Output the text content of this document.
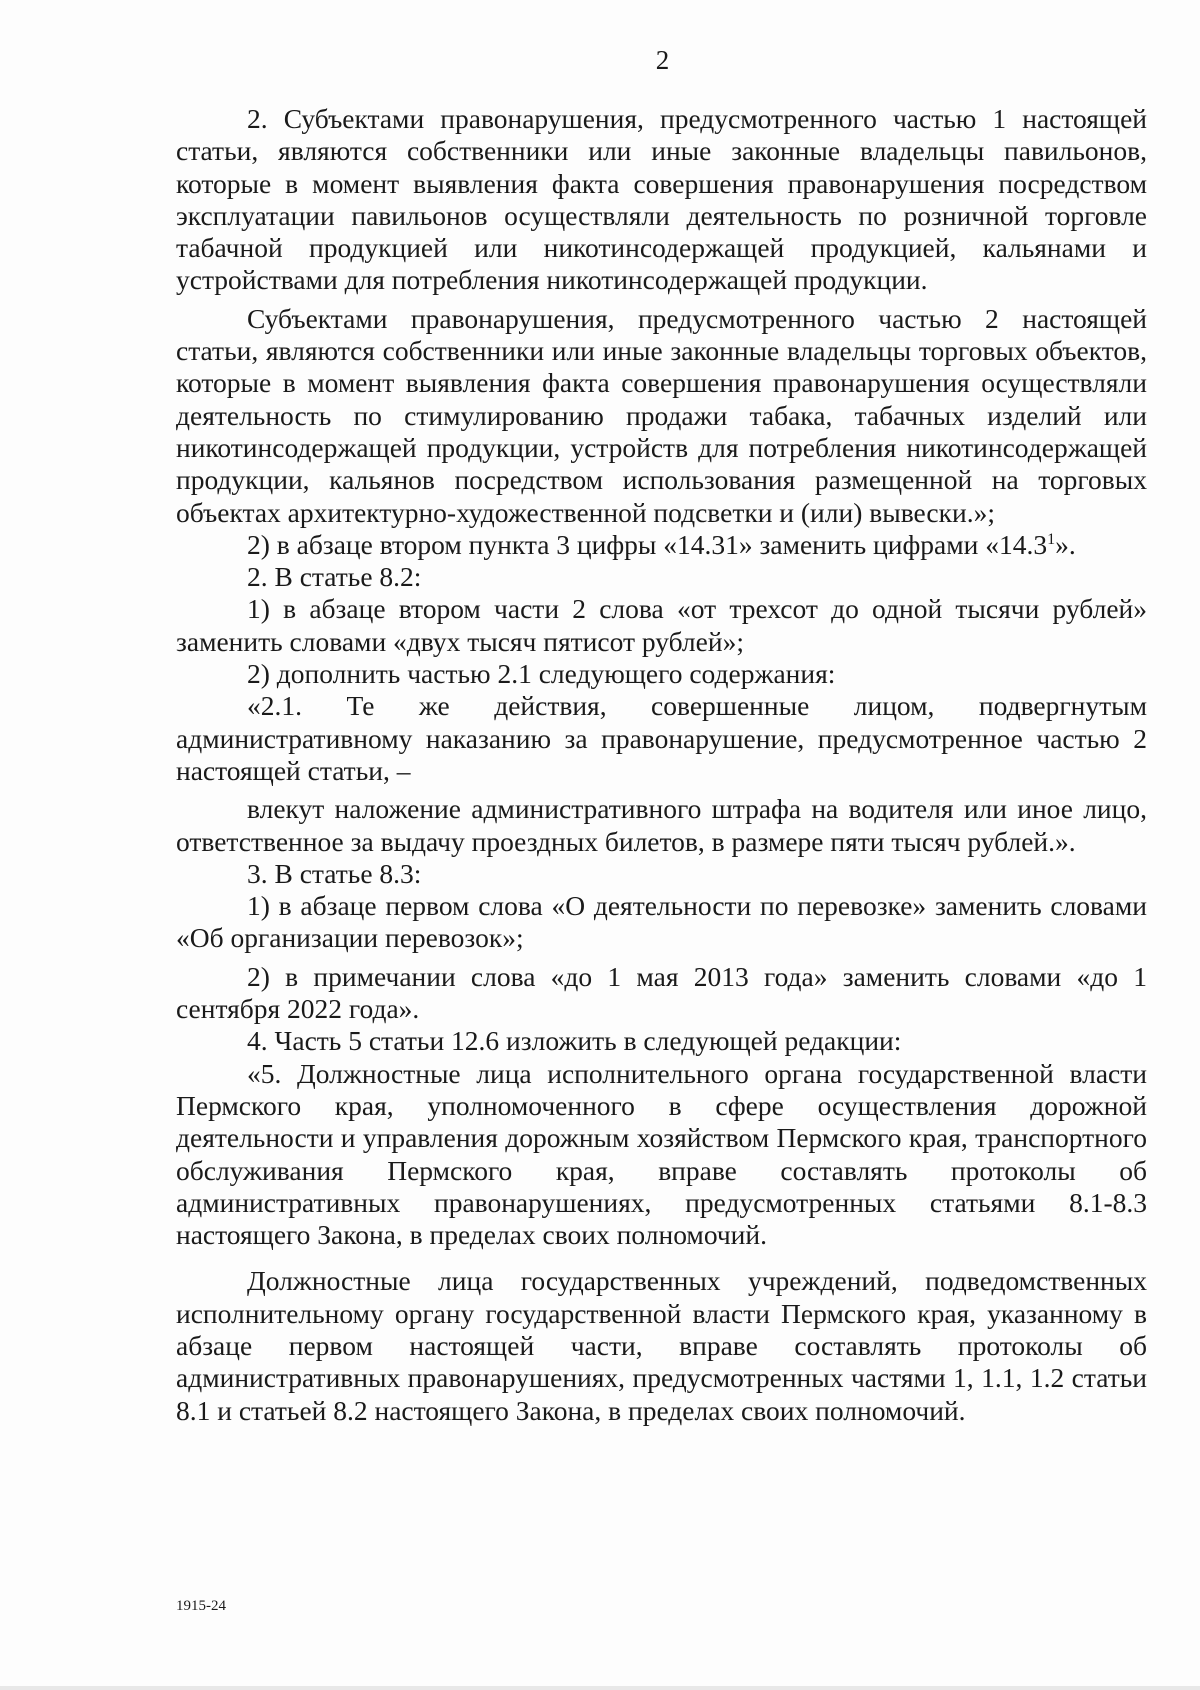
2

2. Субъектами правонарушения, предусмотренного частью 1 настоящей статьи, являются собственники или иные законные владельцы павильонов, которые в момент выявления факта совершения правонарушения посредством эксплуатации павильонов осуществляли деятельность по розничной торговле табачной продукцией или никотинсодержащей продукцией, кальянами и устройствами для потребления никотинсодержащей продукции.

Субъектами правонарушения, предусмотренного частью 2 настоящей статьи, являются собственники или иные законные владельцы торговых объектов, которые в момент выявления факта совершения правонарушения осуществляли деятельность по стимулированию продажи табака, табачных изделий или никотинсодержащей продукции, устройств для потребления никотинсодержащей продукции, кальянов посредством использования размещенной на торговых объектах архитектурно-художественной подсветки и (или) вывески.»;

2) в абзаце втором пункта 3 цифры «14.31» заменить цифрами «14.3$^1$».

2. В статье 8.2:

1) в абзаце втором части 2 слова «от трехсот до одной тысячи рублей» заменить словами «двух тысяч пятисот рублей»;

2) дополнить частью 2.1 следующего содержания:

«2.1. Те же действия, совершенные лицом, подвергнутым административному наказанию за правонарушение, предусмотренное частью 2 настоящей статьи, –

влекут наложение административного штрафа на водителя или иное лицо, ответственное за выдачу проездных билетов, в размере пяти тысяч рублей.».

3. В статье 8.3:

1) в абзаце первом слова «О деятельности по перевозке» заменить словами «Об организации перевозок»;

2) в примечании слова «до 1 мая 2013 года» заменить словами «до 1 сентября 2022 года».

4. Часть 5 статьи 12.6 изложить в следующей редакции:

«5. Должностные лица исполнительного органа государственной власти Пермского края, уполномоченного в сфере осуществления дорожной деятельности и управления дорожным хозяйством Пермского края, транспортного обслуживания Пермского края, вправе составлять протоколы об административных правонарушениях, предусмотренных статьями 8.1-8.3 настоящего Закона, в пределах своих полномочий.

Должностные лица государственных учреждений, подведомственных исполнительному органу государственной власти Пермского края, указанному в абзаце первом настоящей части, вправе составлять протоколы об административных правонарушениях, предусмотренных частями 1, 1.1, 1.2 статьи 8.1 и статьей 8.2 настоящего Закона, в пределах своих полномочий.

1915-24
